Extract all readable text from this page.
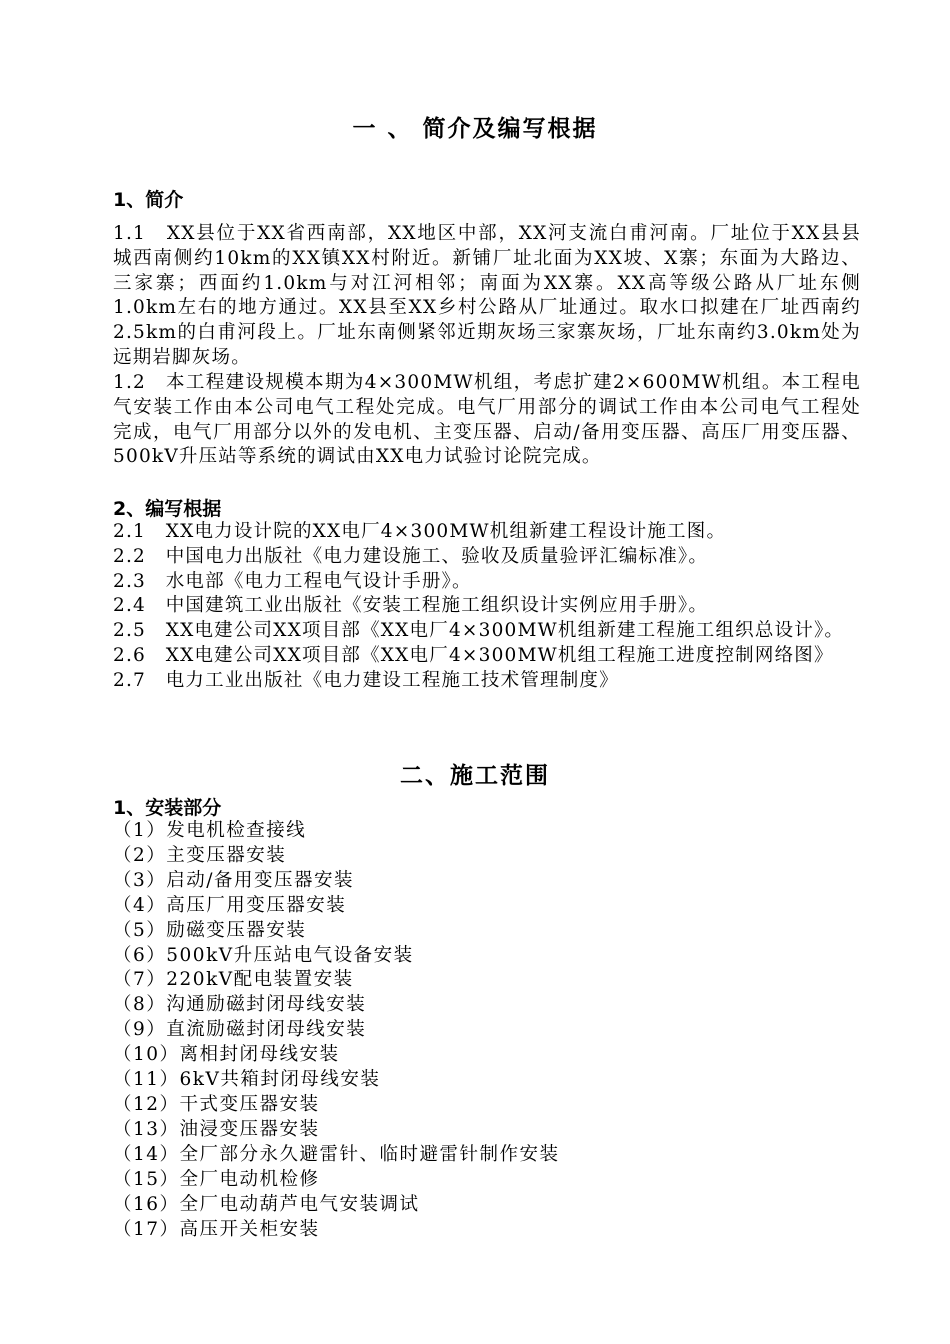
一 、 简介及编写根据
1、简介

1.1　XX县位于XX省西南部，XX地区中部，XX河支流白甫河南。厂址位于XX县县城西南侧约10km的XX镇XX村附近。新铺厂址北面为XX坡、X寨；东面为大路边、三家寨；西面约1.0km与对江河相邻；南面为XX寨。XX高等级公路从厂址东侧1.0km左右的地方通过。XX县至XX乡村公路从厂址通过。取水口拟建在厂址西南约2.5km的白甫河段上。厂址东南侧紧邻近期灰场三家寨灰场，厂址东南约3.0km处为远期岩脚灰场。

1.2　本工程建设规模本期为4×300MW机组，考虑扩建2×600MW机组。本工程电气安装工作由本公司电气工程处完成。电气厂用部分的调试工作由本公司电气工程处完成，电气厂用部分以外的发电机、主变压器、启动/备用变压器、高压厂用变压器、500kV升压站等系统的调试由XX电力试验讨论院完成。

2、编写根据
2.1　XX电力设计院的XX电厂4×300MW机组新建工程设计施工图。
2.2　中国电力出版社《电力建设施工、验收及质量验评汇编标准》。
2.3　水电部《电力工程电气设计手册》。
2.4　中国建筑工业出版社《安装工程施工组织设计实例应用手册》。
2.5　XX电建公司XX项目部《XX电厂4×300MW机组新建工程施工组织总设计》。
2.6　XX电建公司XX项目部《XX电厂4×300MW机组工程施工进度控制网络图》
2.7　电力工业出版社《电力建设工程施工技术管理制度》
二、施工范围
1、安装部分
（1）发电机检查接线
（2）主变压器安装
（3）启动/备用变压器安装
（4）高压厂用变压器安装
（5）励磁变压器安装
（6）500kV升压站电气设备安装
（7）220kV配电装置安装
（8）沟通励磁封闭母线安装
（9）直流励磁封闭母线安装
（10）离相封闭母线安装
（11）6kV共箱封闭母线安装
（12）干式变压器安装
（13）油浸变压器安装
（14）全厂部分永久避雷针、临时避雷针制作安装
（15）全厂电动机检修
（16）全厂电动葫芦电气安装调试
（17）高压开关柜安装
